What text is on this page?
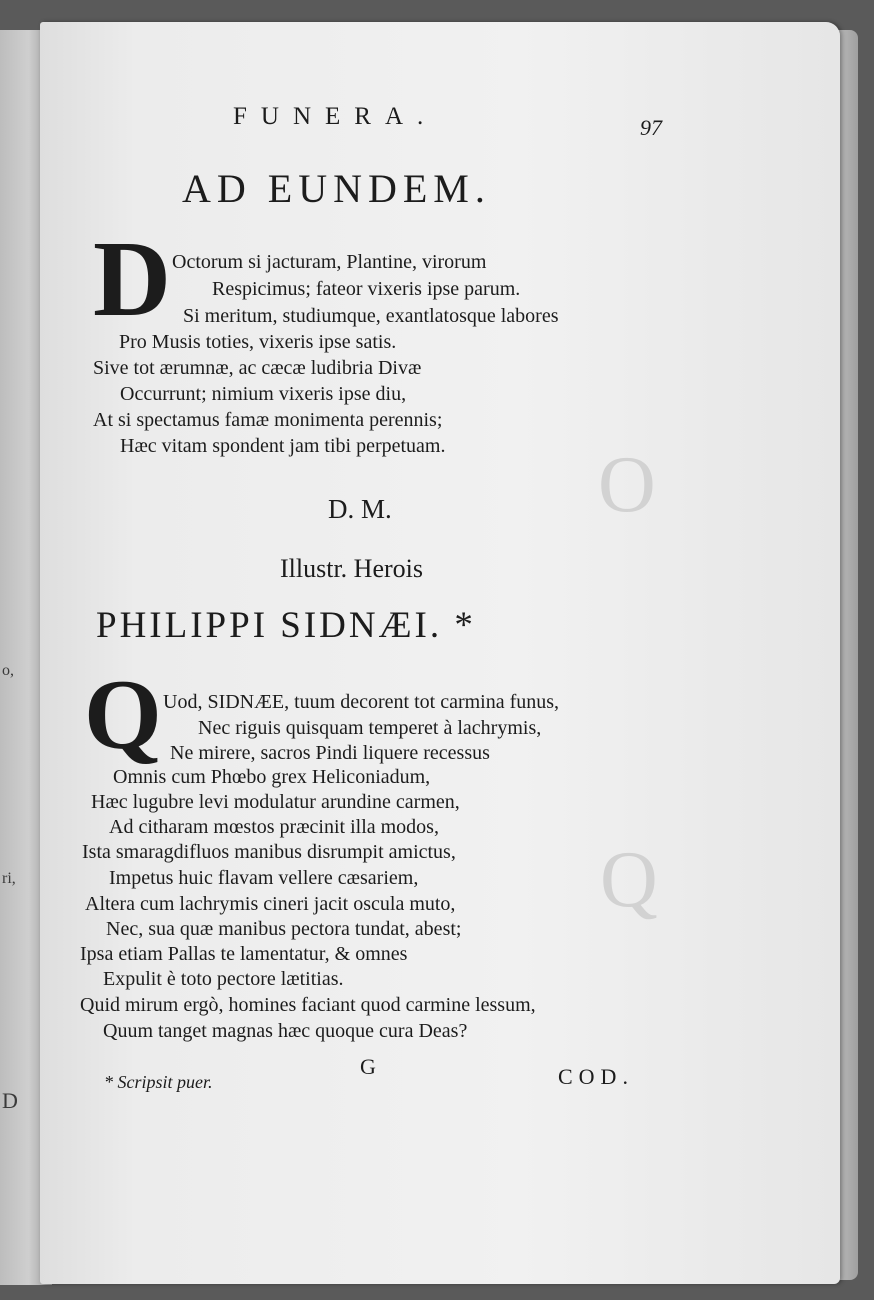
o,
ri,
D
O
Q
FUNERA.	97
AD EUNDEM.
D Octorum si jacturam, Plantine, virorum
Respicimus; fateor vixeris ipse parum.
Si meritum, studiumque, exantlatosque labores
Pro Musis toties, vixeris ipse satis.
Sive tot ærumnæ, ac cæcæ ludibria Divæ
Occurrunt; nimium vixeris ipse diu,
At si spectamus famæ monimenta perennis;
Hæc vitam spondent jam tibi perpetuam.
D. M.
Illustr. Herois
PHILIPPI SIDNÆI. *
Q Uod, SIDNÆE, tuum decorent tot carmina funus,
Nec riguis quisquam temperet à lachrymis,
Ne mirere, sacros Pindi liquere recessus
Omnis cum Phœbo grex Heliconiadum,
Hæc lugubre levi modulatur arundine carmen,
Ad citharam mœstos præcinit illa modos,
Ista smaragdifluos manibus disrumpit amictus,
Impetus huic flavam vellere cæsariem,
Altera cum lachrymis cineri jacit oscula muto,
Nec, sua quæ manibus pectora tundat, abest;
Ipsa etiam Pallas te lamentatur, & omnes
Expulit è toto pectore lætitias.
Quid mirum ergò, homines faciant quod carmine lessum,
Quum tanget magnas hæc quoque cura Deas?
G	COD.
* Scripsit puer.
